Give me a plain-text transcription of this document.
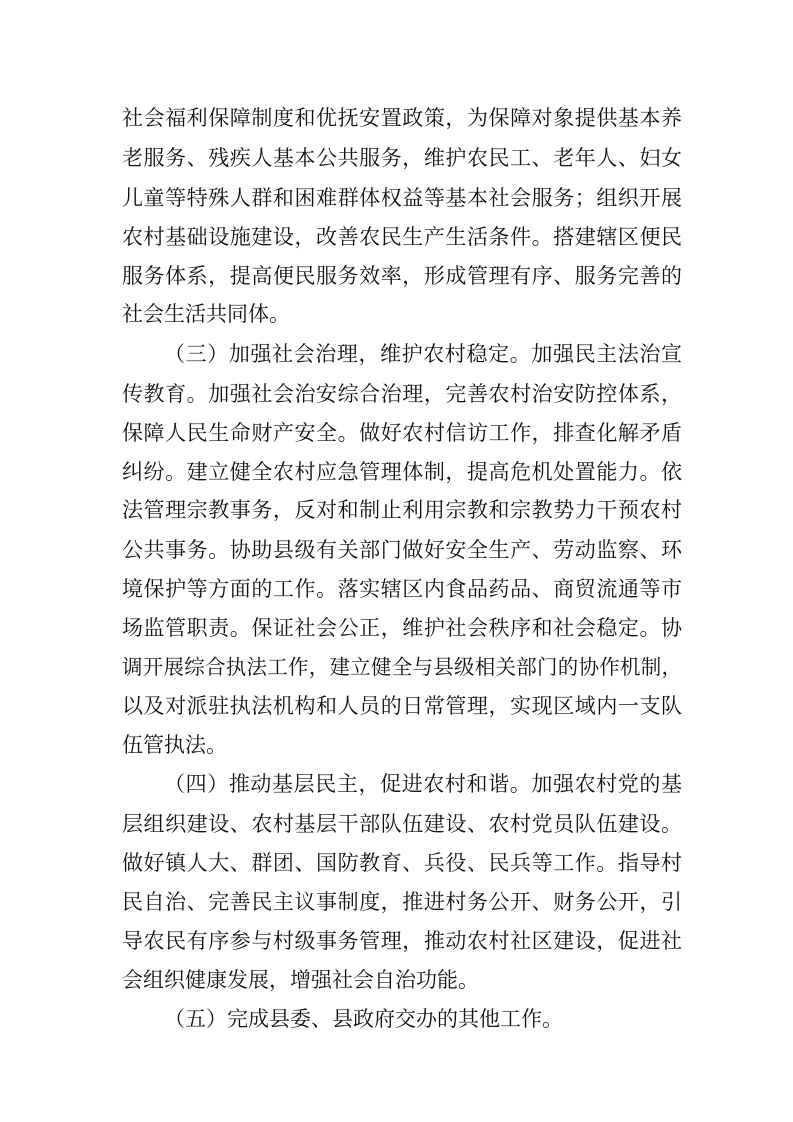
社会福利保障制度和优抚安置政策，为保障对象提供基本养
老服务、残疾人基本公共服务，维护农民工、老年人、妇女
儿童等特殊人群和困难群体权益等基本社会服务；组织开展
农村基础设施建设，改善农民生产生活条件。搭建辖区便民
服务体系，提高便民服务效率，形成管理有序、服务完善的
社会生活共同体。
（三）加强社会治理，维护农村稳定。加强民主法治宣
传教育。加强社会治安综合治理，完善农村治安防控体系，
保障人民生命财产安全。做好农村信访工作，排查化解矛盾
纠纷。建立健全农村应急管理体制，提高危机处置能力。依
法管理宗教事务，反对和制止利用宗教和宗教势力干预农村
公共事务。协助县级有关部门做好安全生产、劳动监察、环
境保护等方面的工作。落实辖区内食品药品、商贸流通等市
场监管职责。保证社会公正，维护社会秩序和社会稳定。协
调开展综合执法工作，建立健全与县级相关部门的协作机制，
以及对派驻执法机构和人员的日常管理，实现区域内一支队
伍管执法。
（四）推动基层民主，促进农村和谐。加强农村党的基
层组织建设、农村基层干部队伍建设、农村党员队伍建设。
做好镇人大、群团、国防教育、兵役、民兵等工作。指导村
民自治、完善民主议事制度，推进村务公开、财务公开，引
导农民有序参与村级事务管理，推动农村社区建设，促进社
会组织健康发展，增强社会自治功能。
（五）完成县委、县政府交办的其他工作。
